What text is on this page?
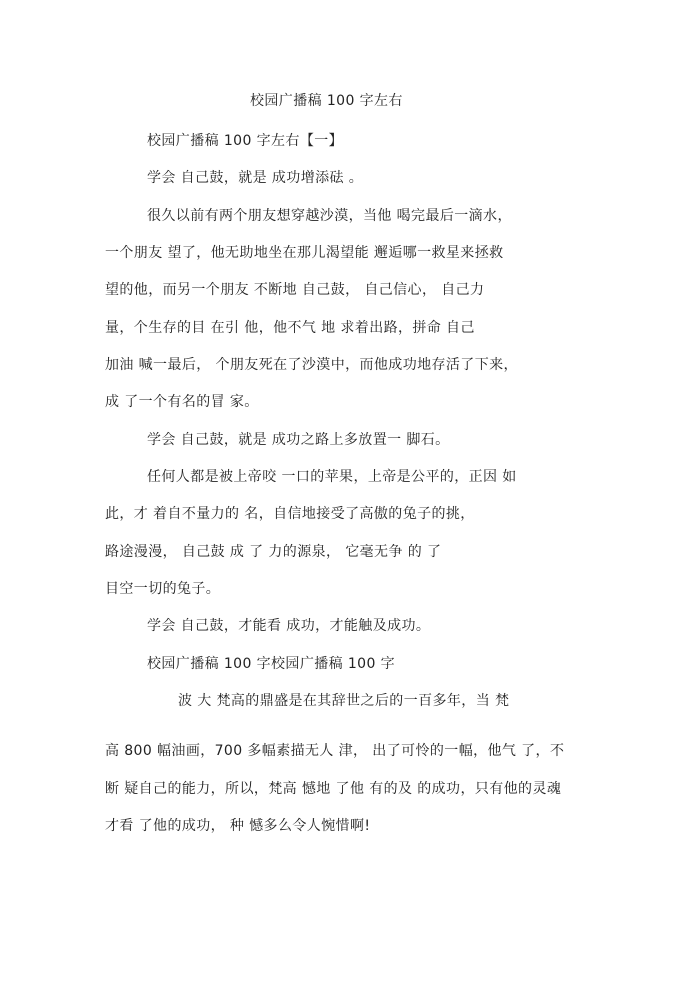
校园广播稿 100 字左右
校园广播稿 100 字左右【一】
学会 自己鼓，就是 成功增添砝 。
很久以前有两个朋友想穿越沙漠，当他 喝完最后一滴水，
一个朋友 望了，他无助地坐在那儿渴望能 邂逅哪一救星来拯救
望的他，而另一个朋友 不断地 自己鼓， 自己信心， 自己力
量，个生存的目 在引 他，他不气 地 求着出路，拼命 自己
加油 喊一最后， 个朋友死在了沙漠中，而他成功地存活了下来，
成 了一个有名的冒 家。
学会 自己鼓，就是 成功之路上多放置一 脚石。
任何人都是被上帝咬 一口的苹果，上帝是公平的，正因 如
此，才 着自不量力的 名，自信地接受了高傲的兔子的挑，
路途漫漫， 自己鼓 成 了 力的源泉， 它毫无争 的 了
目空一切的兔子。
学会 自己鼓，才能看 成功，才能触及成功。
校园广播稿 100 字校园广播稿 100 字
波 大 梵高的鼎盛是在其辞世之后的一百多年，当 梵
高 800 幅油画，700 多幅素描无人 津， 出了可怜的一幅，他气 了，不
断 疑自己的能力，所以，梵高 憾地 了他 有的及 的成功，只有他的灵魂
才看 了他的成功， 种 憾多么令人惋惜啊!
